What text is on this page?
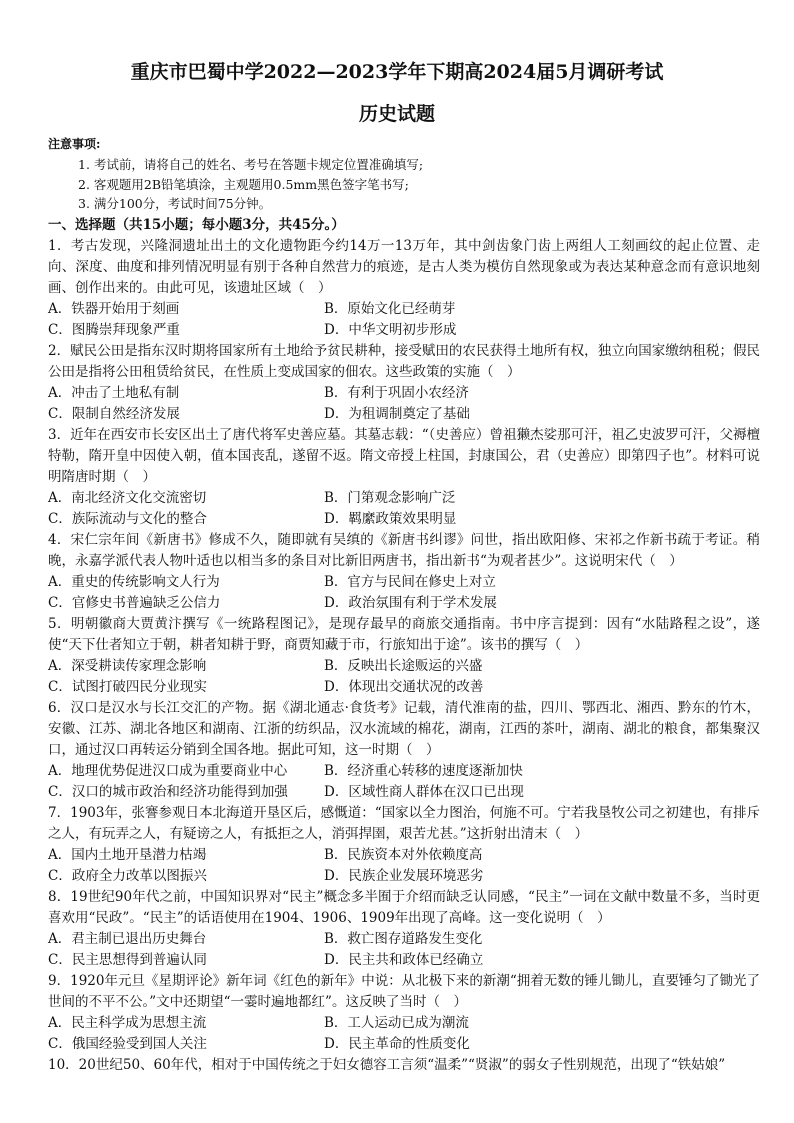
重庆市巴蜀中学2022—2023学年下期高2024届5月调研考试
历史试题
注意事项:
1. 考试前，请将自己的姓名、考号在答题卡规定位置准确填写;
2. 客观题用2B铅笔填涂，主观题用0.5mm黑色签字笔书写;
3. 满分100分，考试时间75分钟。
一、选择题（共15小题；每小题3分，共45分。）
1．考古发现，兴隆洞遗址出土的文化遗物距今约14万一13万年，其中剑齿象门齿上两组人工刻画纹的起止位置、走向、深度、曲度和排列情况明显有别于各种自然营力的痕迹，是古人类为模仿自然现象或为表达某种意念而有意识地刻画、创作出来的。由此可见，该遗址区域（　）
A．铁器开始用于刻画	B．原始文化已经萌芽
C．图腾崇拜现象严重	D．中华文明初步形成
2．赋民公田是指东汉时期将国家所有土地给予贫民耕种，接受赋田的农民获得土地所有权，独立向国家缴纳租税；假民公田是指将公田租赁给贫民，在性质上变成国家的佃农。这些政策的实施（　）
A．冲击了土地私有制	B．有利于巩固小农经济
C．限制自然经济发展	D．为租调制奠定了基础
3．近年在西安市长安区出土了唐代将军史善应墓。其墓志载：“（史善应）曾祖獭杰娑那可汗，祖乙史波罗可汗，父褥檀特勒，隋开皇中因使入朝，值本国丧乱，遂留不返。隋文帝授上柱国，封康国公，君（史善应）即第四子也”。材料可说明隋唐时期（　）
A．南北经济文化交流密切	B．门第观念影响广泛
C．族际流动与文化的整合	D．羁縻政策效果明显
4．宋仁宗年间《新唐书》修成不久，随即就有吴缜的《新唐书纠谬》问世，指出欧阳修、宋祁之作新书疏于考证。稍晚，永嘉学派代表人物叶适也以相当多的条目对比新旧两唐书，指出新书“为观者甚少”。这说明宋代（　）
A．重史的传统影响文人行为	B．官方与民间在修史上对立
C．官修史书普遍缺乏公信力	D．政治氛围有利于学术发展
5．明朝徽商大贾黄汴撰写《一统路程图记》，是现存最早的商旅交通指南。书中序言提到：因有“水陆路程之设”，遂使“天下仕者知立于朝，耕者知耕于野，商贾知藏于市，行旅知出于途”。该书的撰写（　）
A．深受耕读传家理念影响	B．反映出长途贩运的兴盛
C．试图打破四民分业现实	D．体现出交通状况的改善
6．汉口是汉水与长江交汇的产物。据《湖北通志·食货考》记载，清代淮南的盐，四川、鄂西北、湘西、黔东的竹木，安徽、江苏、湖北各地区和湖南、江浙的纺织品，汉水流域的棉花，湖南，江西的茶叶，湖南、湖北的粮食，都集聚汉口，通过汉口再转运分销到全国各地。据此可知，这一时期（　）
A．地理优势促进汉口成为重要商业中心	B．经济重心转移的速度逐渐加快
C．汉口的城市政治和经济功能得到加强	D．区域性商人群体在汉口已出现
7．1903年，张謇参观日本北海道开垦区后，感慨道：“国家以全力图治，何施不可。宁若我垦牧公司之初建也，有排斥之人，有玩弄之人，有疑谤之人，有抵拒之人，消弭捍圉，艰苦尤甚。”这折射出清末（　）
A．国内土地开垦潜力枯竭	B．民族资本对外依赖度高
C．政府全力改革以图振兴	D．民族企业发展环境恶劣
8．19世纪90年代之前，中国知识界对“民主”概念多半囿于介绍而缺乏认同感，“民主”一词在文献中数量不多，当时更喜欢用“民政”。“民主”的话语使用在1904、1906、1909年出现了高峰。这一变化说明（　）
A．君主制已退出历史舞台	B．救亡图存道路发生变化
C．民主思想得到普遍认同	D．民主共和政体已经确立
9．1920年元旦《星期评论》新年词《红色的新年》中说：从北极下来的新潮“拥着无数的锤儿锄儿，直要锤匀了锄光了世间的不平不公。”文中还期望“一霎时遍地都红”。这反映了当时（　）
A．民主科学成为思想主流	B．工人运动已成为潮流
C．俄国经验受到国人关注	D．民主革命的性质变化
10．20世纪50、60年代，相对于中国传统之于妇女德容工言须“温柔”“贤淑”的弱女子性别规范，出现了“铁姑娘”
